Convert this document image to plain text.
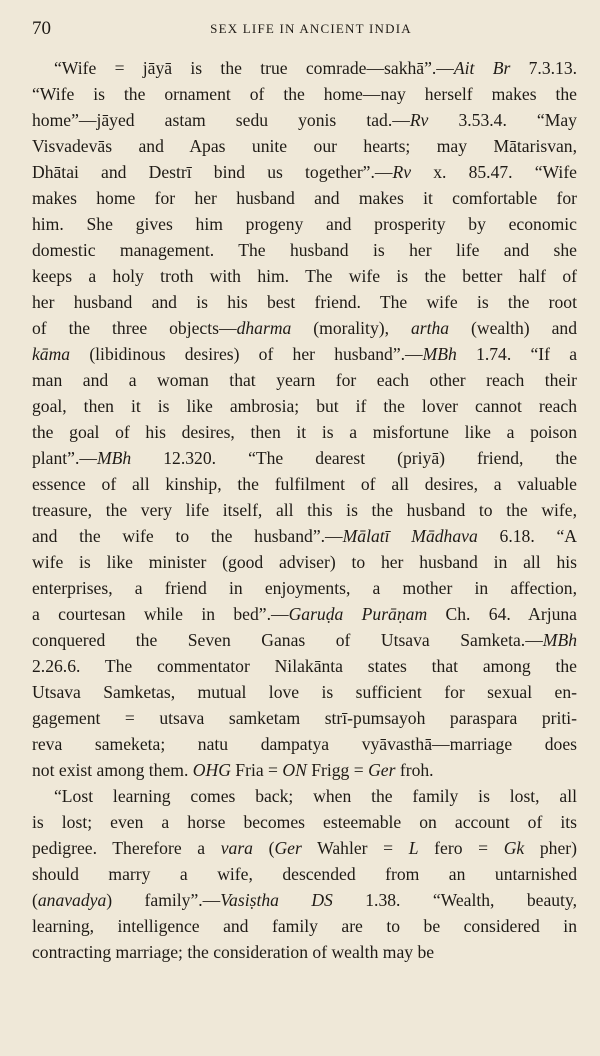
70	SEX LIFE IN ANCIENT INDIA
“Wife = jāyā is the true comrade—sakhā”.—Ait Br 7.3.13.
“Wife is the ornament of the home—nay herself makes the
home”—jāyed astam sedu yonis tad.—Rv 3.53.4. “May
Visvadevās and Apas unite our hearts; may Mātarisvan,
Dhātai and Destrī bind us together”.—Rv x. 85.47. “Wife
makes home for her husband and makes it comfortable for
him. She gives him progeny and prosperity by economic
domestic management. The husband is her life and she
keeps a holy troth with him. The wife is the better half of
her husband and is his best friend. The wife is the root
of the three objects—dharma (morality), artha (wealth) and
kāma (libidinous desires) of her husband”.—MBh 1.74. “If a
man and a woman that yearn for each other reach their
goal, then it is like ambrosia; but if the lover cannot reach
the goal of his desires, then it is a misfortune like a poison
plant”.—MBh 12.320. “The dearest (priyā) friend, the
essence of all kinship, the fulfilment of all desires, a valuable
treasure, the very life itself, all this is the husband to the wife,
and the wife to the husband”.—Mālatī Mādhava 6.18. “A
wife is like minister (good adviser) to her husband in all his
enterprises, a friend in enjoyments, a mother in affection,
a courtesan while in bed”.—Garuḍa Purāṇam Ch. 64. Arjuna
conquered the Seven Ganas of Utsava Samketa.—MBh
2.26.6. The commentator Nilakānta states that among the
Utsava Samketas, mutual love is sufficient for sexual en-
gagement = utsava samketam strī-pumsayoh paraspara priti-
reva sameketa; natu dampatya vyāvasthā—marriage does
not exist among them. OHG Fria = ON Frigg = Ger froh.
“Lost learning comes back; when the family is lost, all
is lost; even a horse becomes esteemable on account of its
pedigree. Therefore a vara (Ger Wahler = L fero = Gk pher)
should marry a wife, descended from an untarnished
(anavadya) family”.—Vasiṣtha DS 1.38. “Wealth, beauty,
learning, intelligence and family are to be considered in
contracting marriage; the consideration of wealth may be
